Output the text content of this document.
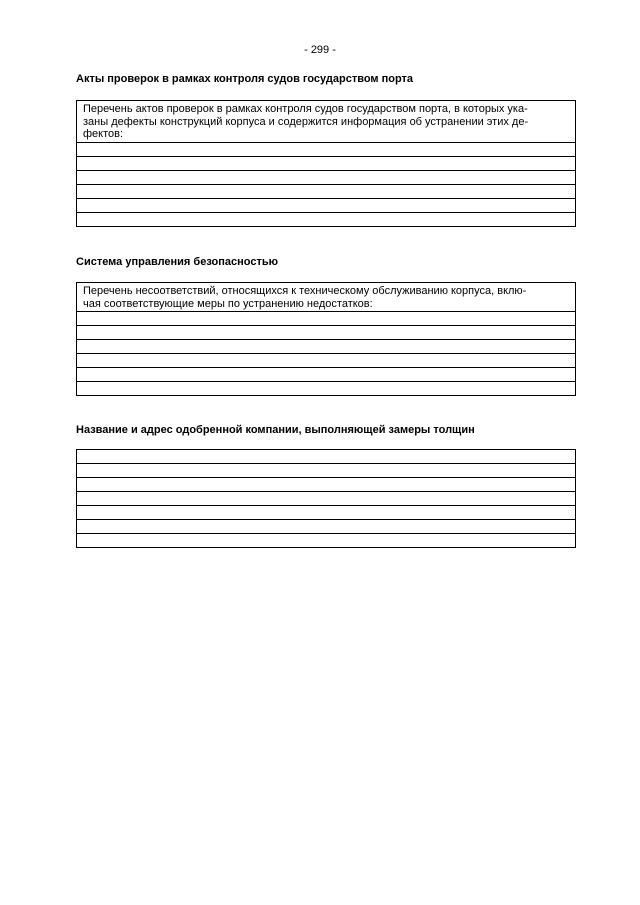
- 299 -
Акты проверок в рамках контроля судов государством порта
Перечень актов проверок в рамках контроля судов государством порта, в которых ука-
заны дефекты конструкций корпуса и содержится информация об устранении этих де-
фектов:
Система управления безопасностью
Перечень несоответствий, относящихся к техническому обслуживанию корпуса, вклю-
чая соответствующие меры по устранению недостатков:
Название и адрес одобренной компании, выполняющей замеры толщин
